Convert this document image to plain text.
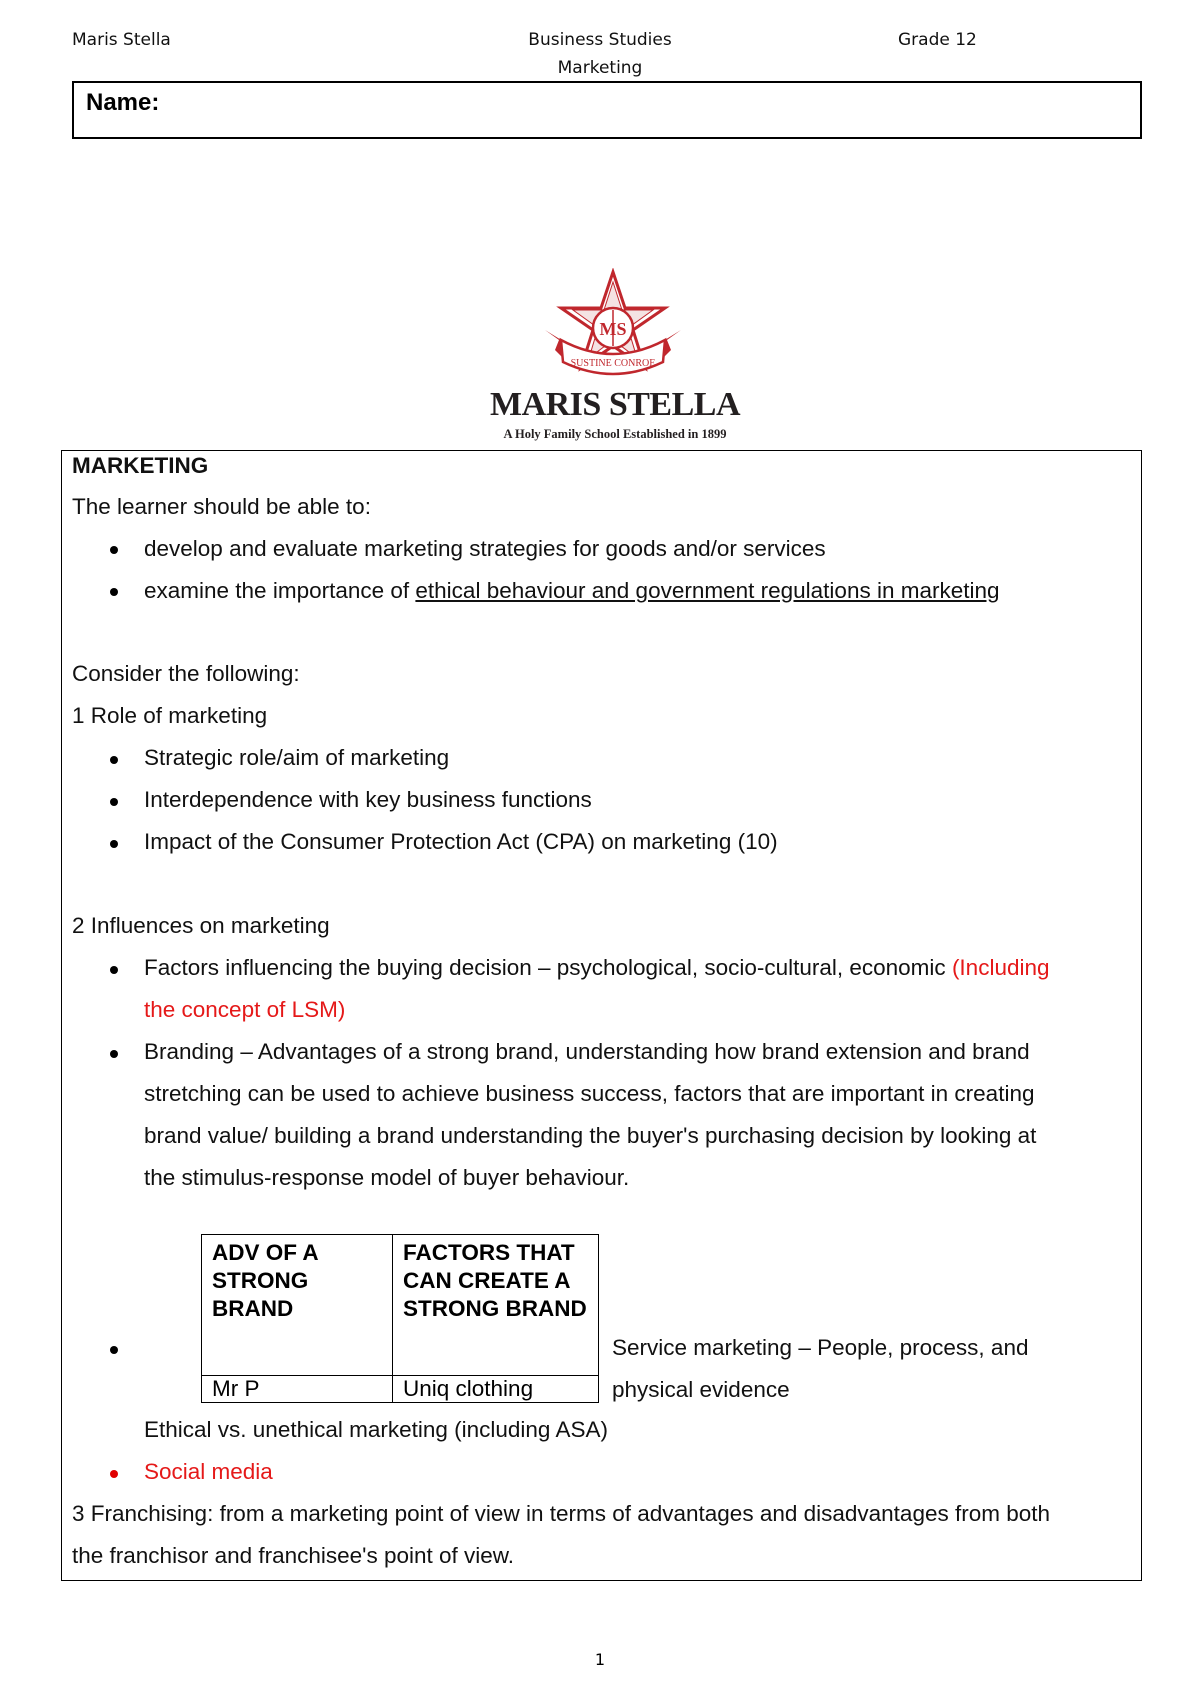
Maris Stella	Business Studies	Grade 12
Marketing
Name:
MS
SUSTINE CONROE
MARIS STELLA
A Holy Family School Established in 1899
MARKETING
The learner should be able to:
develop and evaluate marketing strategies for goods and/or services
examine the importance of ethical behaviour and government regulations in marketing
Consider the following:
1 Role of marketing
Strategic role/aim of marketing
Interdependence with key business functions
Impact of the Consumer Protection Act (CPA) on marketing (10)
2 Influences on marketing
Factors influencing the buying decision – psychological, socio-cultural, economic (Including
the concept of LSM)
Branding – Advantages of a strong brand, understanding how brand extension and brand
stretching can be used to achieve business success, factors that are important in creating
brand value/ building a brand understanding the buyer's purchasing decision by looking at
the stimulus-response model of buyer behaviour.
ADV OF A STRONG BRAND	FACTORS THAT CAN CREATE A STRONG BRAND
Mr P	Uniq clothing
Service marketing – People, process, and
physical evidence
Ethical vs. unethical marketing (including ASA)
Social media
3 Franchising: from a marketing point of view in terms of advantages and disadvantages from both
the franchisor and franchisee's point of view.
1
